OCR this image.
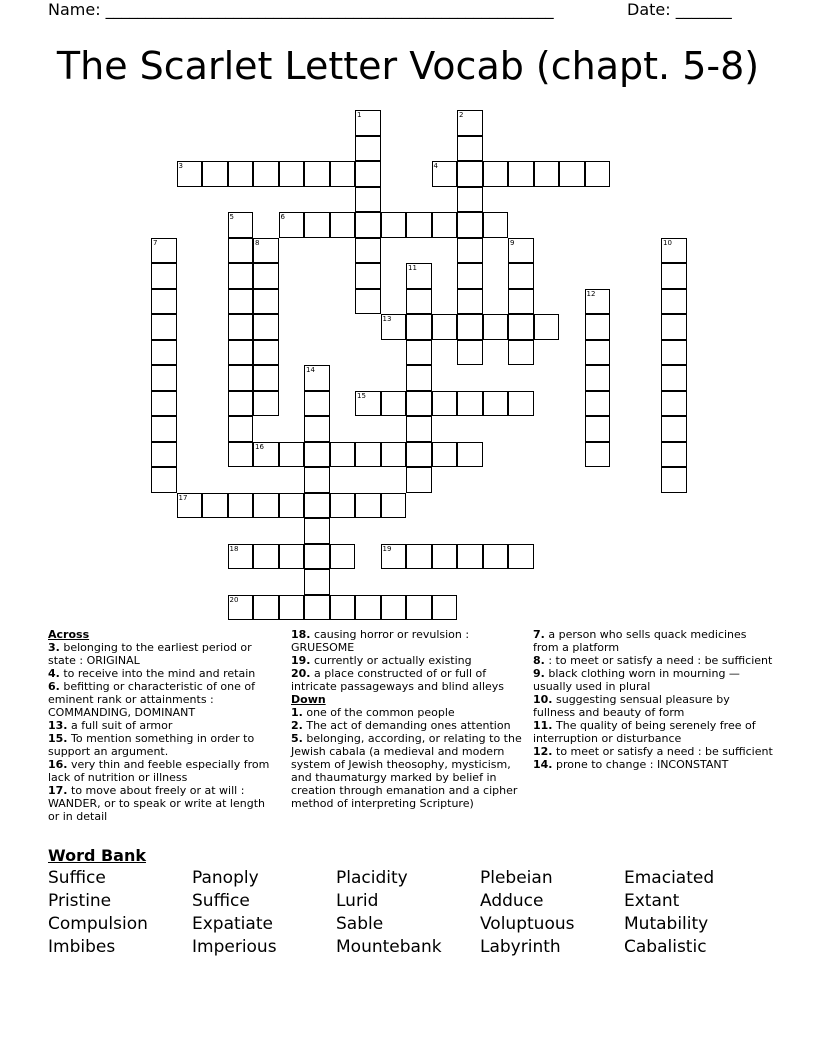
Name: ________________________________________________________	Date: _______
The Scarlet Letter Vocab (chapt. 5-8)
1	2
3	4
5	6
7	8	9	10
11
12
13
14
15
16
17
18	19
20

Across

3. belonging to the earliest period or state : ORIGINAL

4. to receive into the mind and retain

6. befitting or characteristic of one of eminent rank or attainments : COMMANDING, DOMINANT

13. a full suit of armor

15. To mention something in order to support an argument.

16. very thin and feeble especially from lack of nutrition or illness

17. to move about freely or at will : WANDER, or to speak or write at length or in detail

18. causing horror or revulsion : GRUESOME

19. currently or actually existing

20. a place constructed of or full of intricate passageways and blind alleys

Down

1. one of the common people

2. The act of demanding ones attention

5. belonging, according, or relating to the Jewish cabala (a medieval and modern system of Jewish theosophy, mysticism, and thaumaturgy marked by belief in creation through emanation and a cipher method of interpreting Scripture)

7. a person who sells quack medicines from a platform

8. : to meet or satisfy a need : be sufficient

9. black clothing worn in mourning —usually used in plural

10. suggesting sensual pleasure by fullness and beauty of form

11. The quality of being serenely free of interruption or disturbance

12. to meet or satisfy a need : be sufficient

14. prone to change : INCONSTANT

Word Bank
Suffice	Panoply	Placidity	Plebeian	Emaciated
Pristine	Suffice	Lurid	Adduce	Extant
Compulsion	Expatiate	Sable	Voluptuous	Mutability
Imbibes	Imperious	Mountebank	Labyrinth	Cabalistic
